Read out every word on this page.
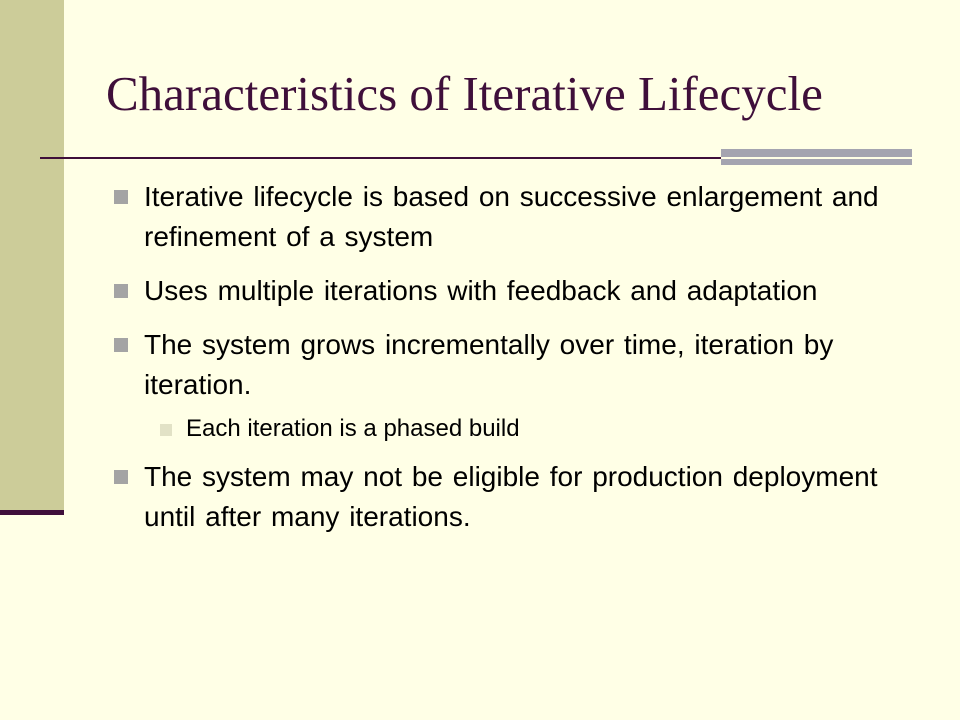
Characteristics of Iterative Lifecycle
Iterative lifecycle is based on successive enlargement and refinement of a system
Uses multiple iterations with feedback and adaptation
The system grows incrementally over time, iteration by iteration.
Each iteration is a phased build
The system may not be eligible for production deployment until after many iterations.
